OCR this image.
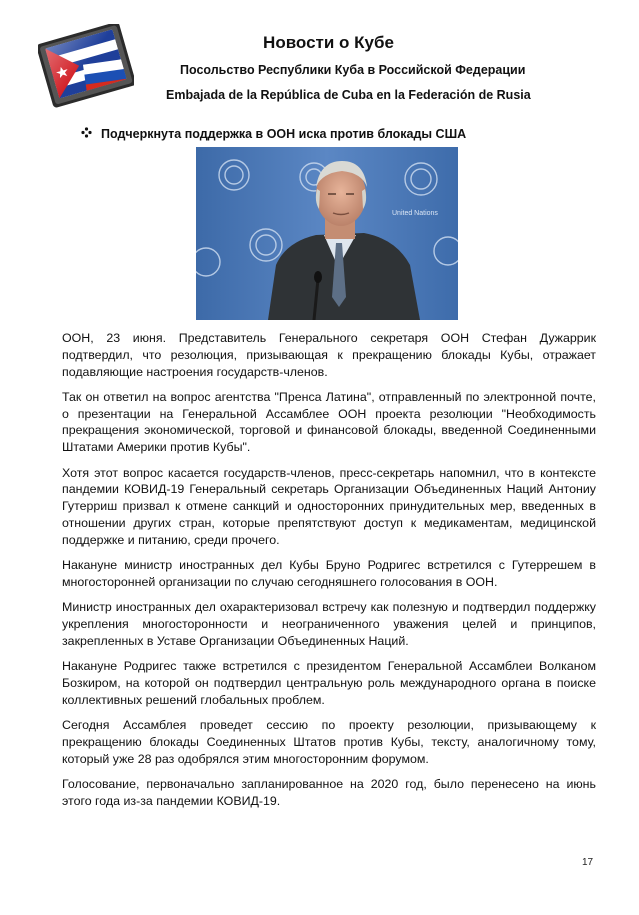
Новости о Кубе
Посольство Республики Куба в Российской Федерации
Embajada de la República de Cuba en la Federación de Rusia
Подчеркнута поддержка в ООН иска против блокады США
United Nations

ООН, 23 июня. Представитель Генерального секретаря ООН Стефан Дужаррик подтвердил, что резолюция, призывающая к прекращению блокады Кубы, отражает подавляющие настроения государств-членов.

Так он ответил на вопрос агентства "Пренса Латина", отправленный по электронной почте, о презентации на Генеральной Ассамблее ООН проекта резолюции "Необходимость прекращения экономической, торговой и финансовой блокады, введенной Соединенными Штатами Америки против Кубы".

Хотя этот вопрос касается государств-членов, пресс-секретарь напомнил, что в контексте пандемии КОВИД-19 Генеральный секретарь Организации Объединенных Наций Антониу Гутерриш призвал к отмене санкций и односторонних принудительных мер, введенных в отношении других стран, которые препятствуют доступ к медикаментам, медицинской поддержке и питанию, среди прочего.

Накануне министр иностранных дел Кубы Бруно Родригес встретился с Гутеррешем в многосторонней организации по случаю сегодняшнего голосования в ООН.

Министр иностранных дел охарактеризовал встречу как полезную и подтвердил поддержку укрепления многосторонности и неограниченного уважения целей и принципов, закрепленных в Уставе Организации Объединенных Наций.

Накануне Родригес также встретился с президентом Генеральной Ассамблеи Волканом Бозкиром, на которой он подтвердил центральную роль международного органа в поиске коллективных решений глобальных проблем.

Сегодня Ассамблея проведет сессию по проекту резолюции, призывающему к прекращению блокады Соединенных Штатов против Кубы, тексту, аналогичному тому, который уже 28 раз одобрялся этим многосторонним форумом.

Голосование, первоначально запланированное на 2020 год, было перенесено на июнь этого года из-за пандемии КОВИД-19.

17
